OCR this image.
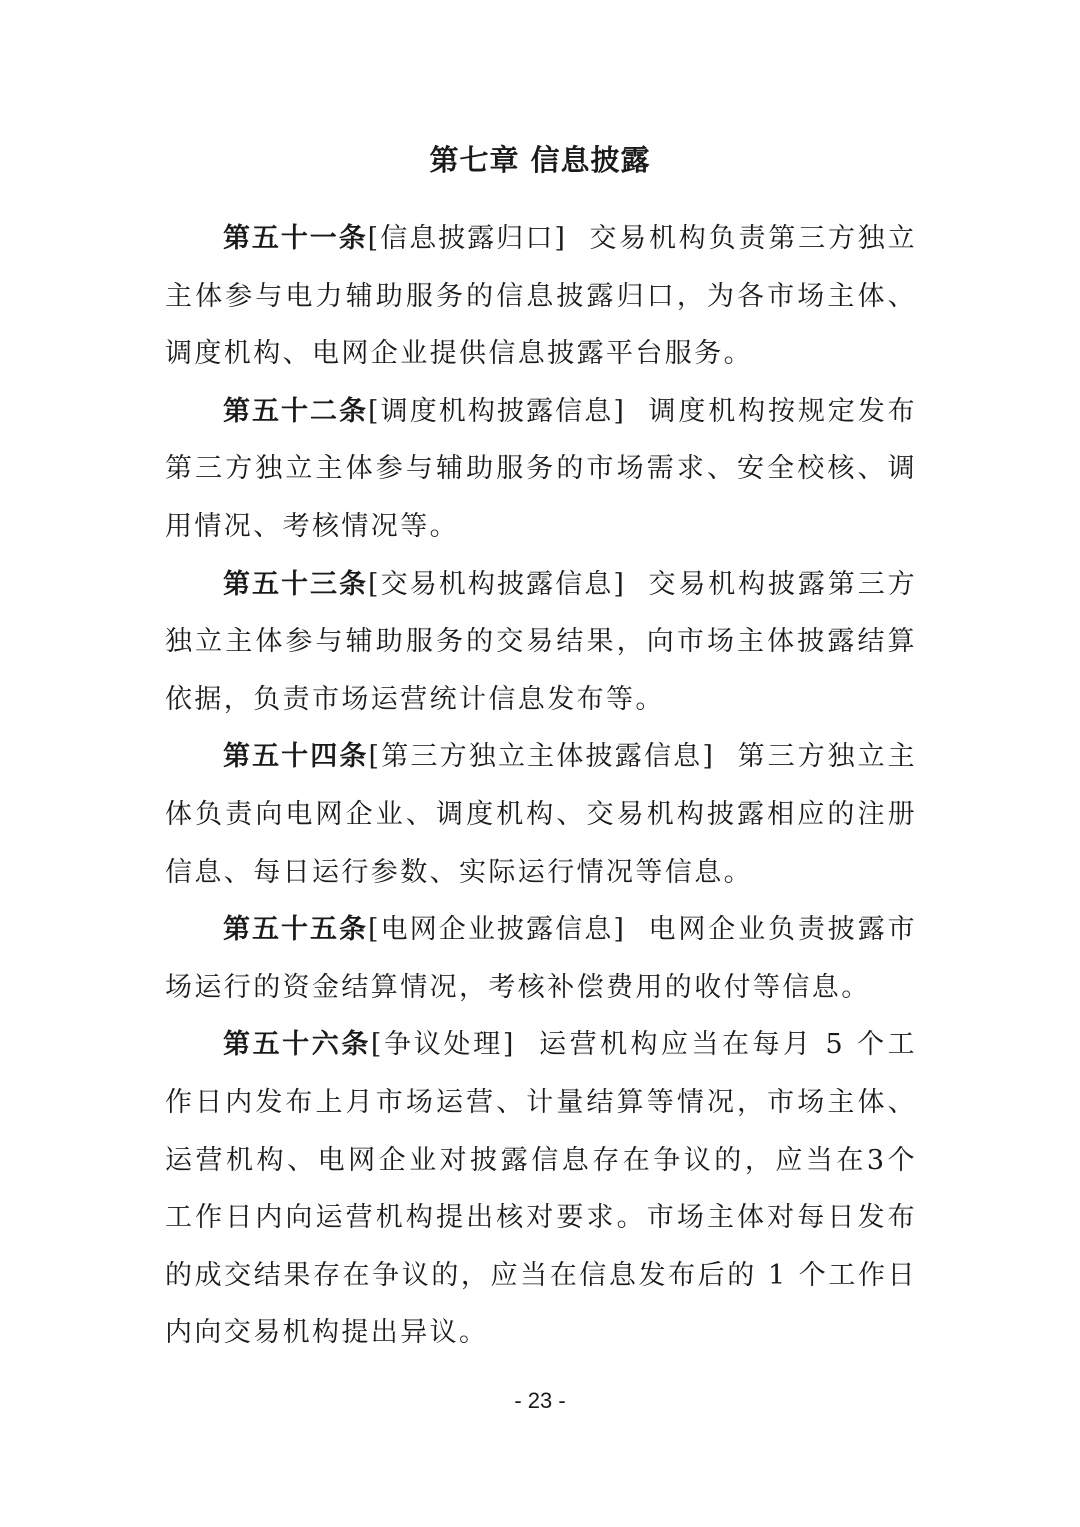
第七章 信息披露

第五十一条[信息披露归口] 交易机构负责第三方独立主体参与电力辅助服务的信息披露归口，为各市场主体、调度机构、电网企业提供信息披露平台服务。

第五十二条[调度机构披露信息] 调度机构按规定发布第三方独立主体参与辅助服务的市场需求、安全校核、调用情况、考核情况等。

第五十三条[交易机构披露信息] 交易机构披露第三方独立主体参与辅助服务的交易结果，向市场主体披露结算依据，负责市场运营统计信息发布等。

第五十四条[第三方独立主体披露信息] 第三方独立主体负责向电网企业、调度机构、交易机构披露相应的注册信息、每日运行参数、实际运行情况等信息。

第五十五条[电网企业披露信息] 电网企业负责披露市场运行的资金结算情况，考核补偿费用的收付等信息。

第五十六条[争议处理] 运营机构应当在每月 5 个工作日内发布上月市场运营、计量结算等情况，市场主体、运营机构、电网企业对披露信息存在争议的，应当在3个工作日内向运营机构提出核对要求。市场主体对每日发布的成交结果存在争议的，应当在信息发布后的 1 个工作日内向交易机构提出异议。

- 23 -
